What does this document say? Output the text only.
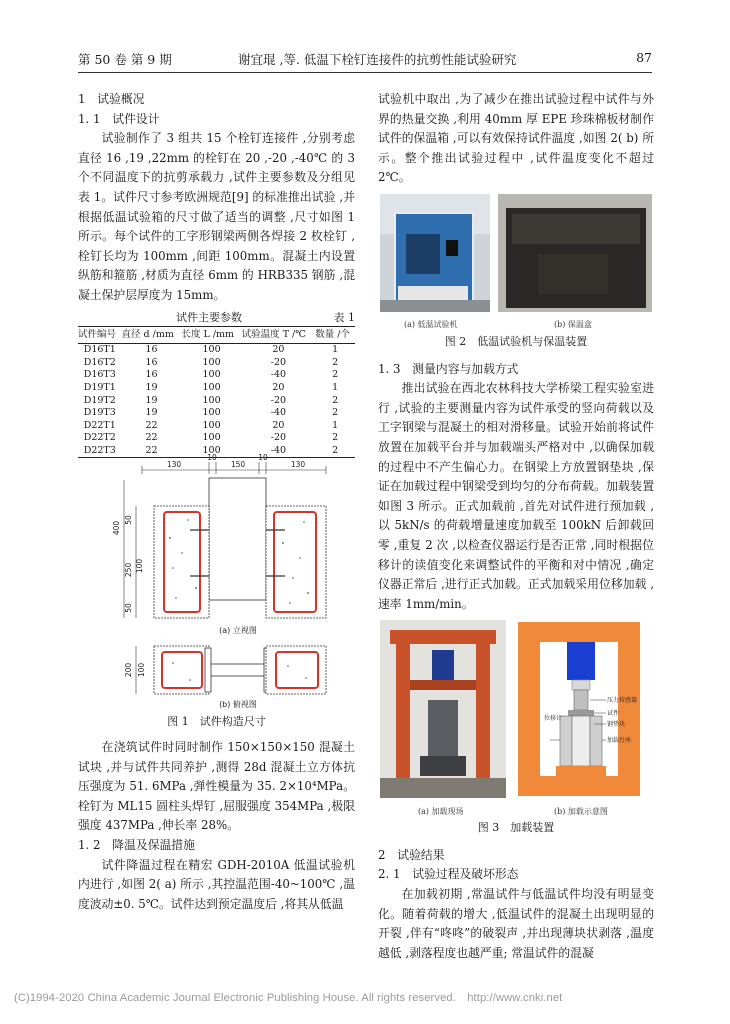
第 50 卷 第 9 期	谢宜琨 ,等. 低温下栓钉连接件的抗剪性能试验研究	87

1　试验概况

1. 1　试件设计

试验制作了 3 组共 15 个栓钉连接件 ,分别考虑直径 16 ,19 ,22mm 的栓钉在 20 ,-20 ,-40℃ 的 3 个不同温度下的抗剪承载力 ,试件主要参数及分组见表 1。试件尺寸参考欧洲规范[9] 的标准推出试验 ,并根据低温试验箱的尺寸做了适当的调整 ,尺寸如图 1 所示。每个试件的工字形钢梁两侧各焊接 2 枚栓钉 ,栓钉长均为 100mm ,间距 100mm。混凝土内设置纵筋和箍筋 ,材质为直径 6mm 的 HRB335 钢筋 ,混凝土保护层厚度为 15mm。

试件主要参数	表 1
试件编号	直径 d /mm	长度 L /mm	试验温度 T /℃	数量 /个
D16T1	16	100	20	1
D16T2	16	100	-20	2
D16T3	16	100	-40	2
D19T1	19	100	20	1
D19T2	19	100	-20	2
D19T3	19	100	-40	2
D22T1	22	100	20	1
D22T2	22	100	-20	2
D22T3	22	100	-40	2
130
10
150
10
130
400
50
250 100
50
(a) 立视图
200 100
(b) 俯视图

图 1　试件构造尺寸

在浇筑试件时同时制作 150×150×150 混凝土试块 ,并与试件共同养护 ,测得 28d 混凝土立方体抗压强度为 51. 6MPa ,弹性模量为 35. 2×10⁴MPa。栓钉为 ML15 圆柱头焊钉 ,屈服强度 354MPa ,极限强度 437MPa ,伸长率 28%。

1. 2　降温及保温措施

试件降温过程在精宏 GDH-2010A 低温试验机内进行 ,如图 2( a) 所示 ,其控温范围-40~100℃ ,温度波动±0. 5℃。试件达到预定温度后 ,将其从低温

试验机中取出 ,为了减少在推出试验过程中试件与外界的热量交换 ,利用 40mm 厚 EPE 珍珠棉板材制作试件的保温箱 ,可以有效保持试件温度 ,如图 2( b) 所示。整个推出试验过程中 ,试件温度变化不超过 2℃。

(a) 低温试验机	(b) 保温盒

图 2　低温试验机与保温装置

1. 3　测量内容与加载方式

推出试验在西北农林科技大学桥梁工程实验室进行 ,试验的主要测量内容为试件承受的竖向荷载以及工字钢梁与混凝土的相对滑移量。试验开始前将试件放置在加载平台并与加载端头严格对中 ,以确保加载的过程中不产生偏心力。在钢梁上方放置钢垫块 ,保证在加载过程中钢梁受到均匀的分布荷载。加载装置如图 3 所示。正式加载前 ,首先对试件进行预加载 ,以 5kN/s 的荷载增量速度加载至 100kN 后卸载回零 ,重复 2 次 ,以检查仪器运行是否正常 ,同时根据位移计的读值变化来调整试件的平衡和对中情况 ,确定仪器正常后 ,进行正式加载。正式加载采用位移加载 ,速率 1mm/min。

压力传感器
试件
钢垫块
加载台座
位移计
(a) 加载现场	(b) 加载示意图

图 3　加载装置

2　试验结果

2. 1　试验过程及破坏形态

在加载初期 ,常温试件与低温试件均没有明显变化。随着荷载的增大 ,低温试件的混凝土出现明显的开裂 ,伴有“咚咚”的破裂声 ,并出现薄块状剥落 ,温度越低 ,剥落程度也越严重; 常温试件的混凝

(C)1994-2020 China Academic Journal Electronic Publishing House. All rights reserved.　http://www.cnki.net
